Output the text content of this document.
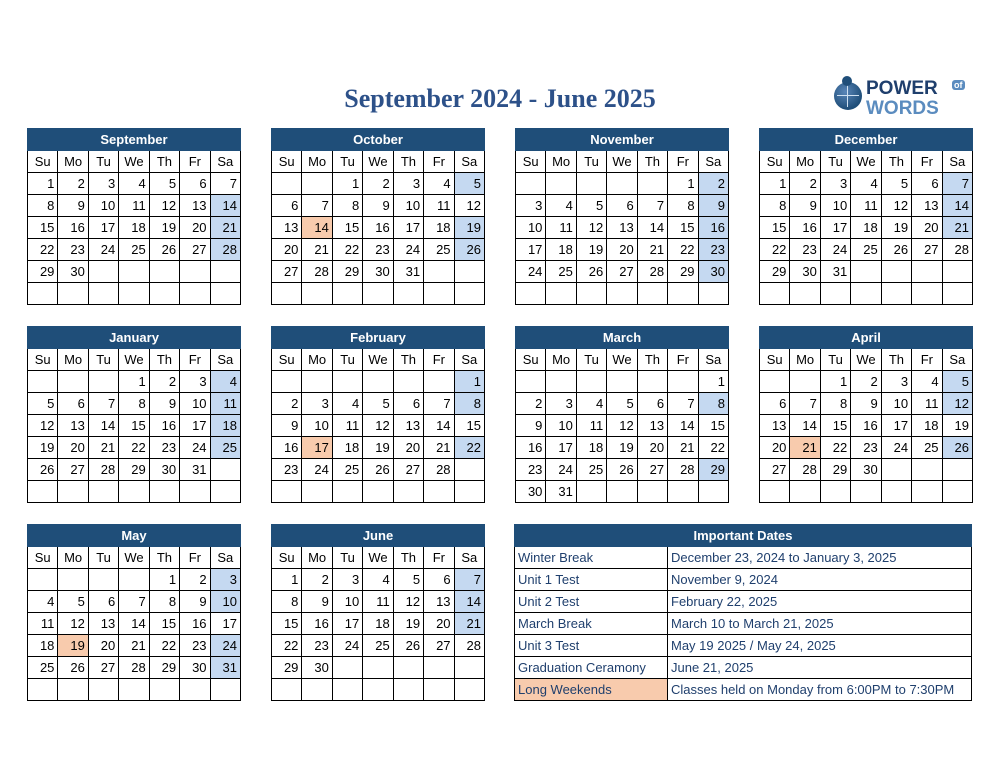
September 2024 - June 2025	POWER of
WORDS
September						
Su	Mo	Tu	We	Th	Fr	Sa
1	2	3	4	5	6	7
8	9	10	11	12	13	14
15	16	17	18	19	20	21
22	23	24	25	26	27	28
29	30					

October						
Su	Mo	Tu	We	Th	Fr	Sa
		1	2	3	4	5
6	7	8	9	10	11	12
13	14	15	16	17	18	19
20	21	22	23	24	25	26
27	28	29	30	31		

November						
Su	Mo	Tu	We	Th	Fr	Sa
					1	2
3	4	5	6	7	8	9
10	11	12	13	14	15	16
17	18	19	20	21	22	23
24	25	26	27	28	29	30

December						
Su	Mo	Tu	We	Th	Fr	Sa
1	2	3	4	5	6	7
8	9	10	11	12	13	14
15	16	17	18	19	20	21
22	23	24	25	26	27	28
29	30	31				

January						
Su	Mo	Tu	We	Th	Fr	Sa
			1	2	3	4
5	6	7	8	9	10	11
12	13	14	15	16	17	18
19	20	21	22	23	24	25
26	27	28	29	30	31	

February						
Su	Mo	Tu	We	Th	Fr	Sa
						1
2	3	4	5	6	7	8
9	10	11	12	13	14	15
16	17	18	19	20	21	22
23	24	25	26	27	28	

March						
Su	Mo	Tu	We	Th	Fr	Sa
						1
2	3	4	5	6	7	8
9	10	11	12	13	14	15
16	17	18	19	20	21	22
23	24	25	26	27	28	29
30	31					
April						
Su	Mo	Tu	We	Th	Fr	Sa
		1	2	3	4	5
6	7	8	9	10	11	12
13	14	15	16	17	18	19
20	21	22	23	24	25	26
27	28	29	30			

May						
Su	Mo	Tu	We	Th	Fr	Sa
				1	2	3
4	5	6	7	8	9	10
11	12	13	14	15	16	17
18	19	20	21	22	23	24
25	26	27	28	29	30	31

June						
Su	Mo	Tu	We	Th	Fr	Sa
1	2	3	4	5	6	7
8	9	10	11	12	13	14
15	16	17	18	19	20	21
22	23	24	25	26	27	28
29	30					

Important Dates	
Winter Break	December 23, 2024 to January 3, 2025
Unit 1 Test	November 9, 2024
Unit 2 Test	February 22, 2025
March Break	March 10 to March 21, 2025
Unit 3 Test	May 19 2025 / May 24, 2025
Graduation Ceramony	June 21, 2025
Long Weekends	Classes held on Monday from 6:00PM to 7:30PM
